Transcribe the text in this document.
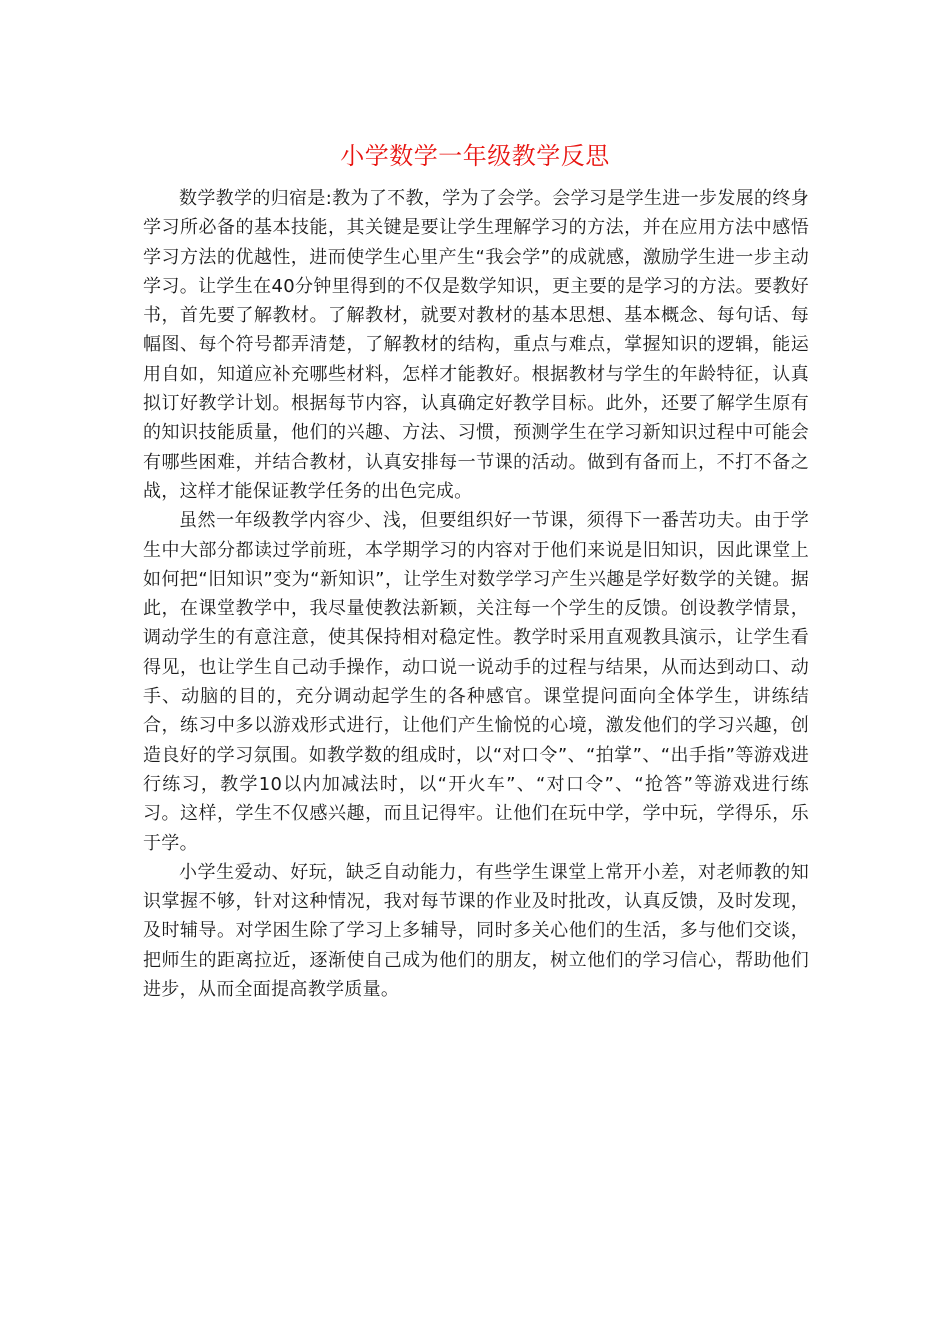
小学数学一年级教学反思

数学教学的归宿是:教为了不教，学为了会学。会学习是学生进一步发展的终身学习所必备的基本技能，其关键是要让学生理解学习的方法，并在应用方法中感悟学习方法的优越性，进而使学生心里产生“我会学”的成就感，激励学生进一步主动学习。让学生在40分钟里得到的不仅是数学知识，更主要的是学习的方法。要教好书，首先要了解教材。了解教材，就要对教材的基本思想、基本概念、每句话、每幅图、每个符号都弄清楚，了解教材的结构，重点与难点，掌握知识的逻辑，能运用自如，知道应补充哪些材料，怎样才能教好。根据教材与学生的年龄特征，认真拟订好教学计划。根据每节内容，认真确定好教学目标。此外，还要了解学生原有的知识技能质量，他们的兴趣、方法、习惯，预测学生在学习新知识过程中可能会有哪些困难，并结合教材，认真安排每一节课的活动。做到有备而上，不打不备之战，这样才能保证教学任务的出色完成。

虽然一年级教学内容少、浅，但要组织好一节课，须得下一番苦功夫。由于学生中大部分都读过学前班，本学期学习的内容对于他们来说是旧知识，因此课堂上如何把“旧知识”变为“新知识”，让学生对数学学习产生兴趣是学好数学的关键。据此，在课堂教学中，我尽量使教法新颖，关注每一个学生的反馈。创设教学情景，调动学生的有意注意，使其保持相对稳定性。教学时采用直观教具演示，让学生看得见，也让学生自己动手操作，动口说一说动手的过程与结果，从而达到动口、动手、动脑的目的，充分调动起学生的各种感官。课堂提问面向全体学生，讲练结合，练习中多以游戏形式进行，让他们产生愉悦的心境，激发他们的学习兴趣，创造良好的学习氛围。如教学数的组成时，以“对口令”、“拍掌”、“出手指”等游戏进行练习，教学10以内加减法时，以“开火车”、“对口令”、“抢答”等游戏进行练习。这样，学生不仅感兴趣，而且记得牢。让他们在玩中学，学中玩，学得乐，乐于学。

小学生爱动、好玩，缺乏自动能力，有些学生课堂上常开小差，对老师教的知识掌握不够，针对这种情况，我对每节课的作业及时批改，认真反馈，及时发现，及时辅导。对学困生除了学习上多辅导，同时多关心他们的生活，多与他们交谈，把师生的距离拉近，逐渐使自己成为他们的朋友，树立他们的学习信心，帮助他们进步，从而全面提高教学质量。
